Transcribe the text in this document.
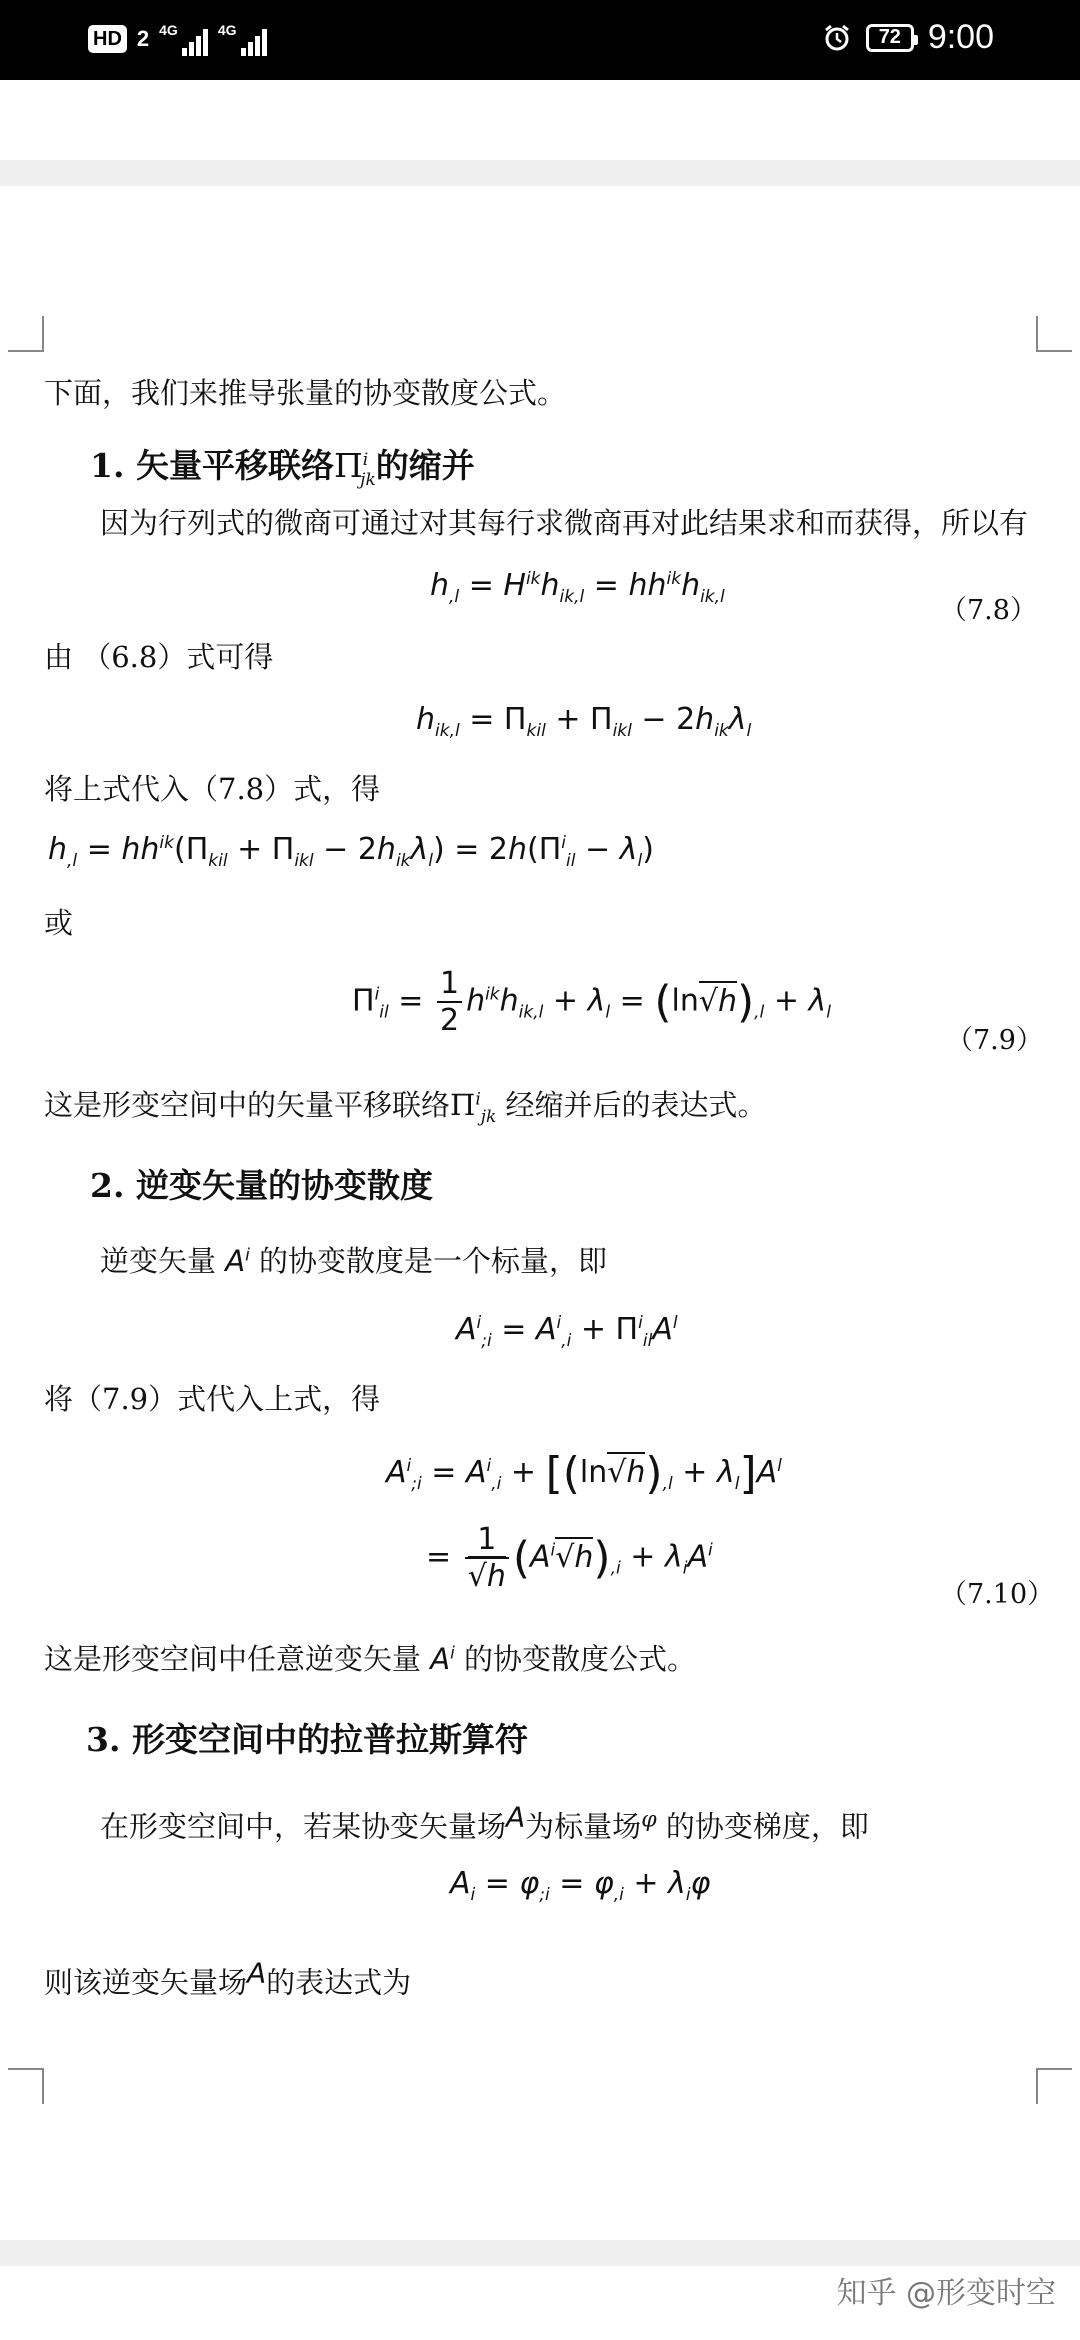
HD 2 4G	4G	72 9:00
下面，我们来推导张量的协变散度公式。
1. 矢量平移联络$\Pi^i_{jk}$的缩并
因为行列式的微商可通过对其每行求微商再对此结果求和而获得，所以有
$h_{,l} = H^{ik}h_{ik,l} = hh^{ik}h_{ik,l}$	（7.8）
由 （6.8）式可得
$h_{ik,l} = \Pi_{kil} + \Pi_{ikl} - 2h_{ik}\lambda_l$
将上式代入（7.8）式，得
$h_{,l} = hh^{ik}(\Pi_{kil} + \Pi_{ikl} - 2h_{ik}\lambda_l) = 2h(\Pi^i_{il} - \lambda_l)$
或
$\Pi^i_{il} = \frac{1}{2} h^{ik}h_{ik,l} + \lambda_l = (\ln√h)_{,l} + \lambda_l$
（7.9）
这是形变空间中的矢量平移联络$\Pi^i_{jk}$ 经缩并后的表达式。
2. 逆变矢量的协变散度
逆变矢量 $A^i$ 的协变散度是一个标量，即
$A^i_{;i} = A^i_{,i} + \Pi^i_{il}A^l$
将（7.9）式代入上式，得
$A^i_{;i} = A^i_{,i} + [(\ln√h)_{,l} + \lambda_l]A^l$
= $\frac{1}{√h} (A^i√h)_{,i} + \lambda_iA^i$
（7.10）
这是形变空间中任意逆变矢量 $A^i$ 的协变散度公式。
3. 形变空间中的拉普拉斯算符
在形变空间中，若某协变矢量场$^A$为标量场$^\varphi$ 的协变梯度，即
$A_i = \varphi_{;i} = \varphi_{,i} + \lambda_i\varphi$
则该逆变矢量场$^A$的表达式为
知乎 @形变时空
